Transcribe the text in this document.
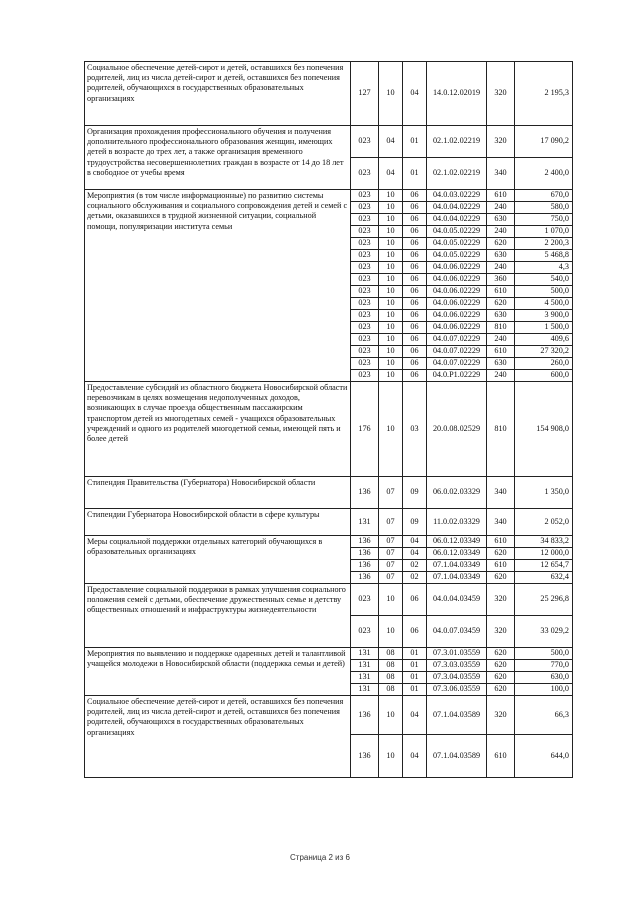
Социальное обеспечение детей-сирот и детей, оставшихся без попечения родителей, лиц из числа детей-сирот и детей, оставшихся без попечения родителей, обучающихся в государственных образовательных организациях	127	10	04	14.0.12.02019	320	2 195,3
Организация прохождения профессионального обучения и получения дополнительного профессионального образования женщин, имеющих детей в возрасте до трех лет, а также организация временного трудоустройства несовершеннолетних граждан в возрасте от 14 до 18 лет в свободное от учебы время	023	04	01	02.1.02.02219	320	17 090,2
	023	04	01	02.1.02.02219	340	2 400,0
Мероприятия (в том числе информационные) по развитию системы социального обслуживания и социального сопровождения детей и семей с детьми, оказавшихся в трудной жизненной ситуации, социальной помощи, популяризации института семьи	023	10	06	04.0.03.02229	610	670,0
	023	10	06	04.0.04.02229	240	580,0
	023	10	06	04.0.04.02229	630	750,0
	023	10	06	04.0.05.02229	240	1 070,0
	023	10	06	04.0.05.02229	620	2 200,3
	023	10	06	04.0.05.02229	630	5 468,8
	023	10	06	04.0.06.02229	240	4,3
	023	10	06	04.0.06.02229	360	540,0
	023	10	06	04.0.06.02229	610	500,0
	023	10	06	04.0.06.02229	620	4 500,0
	023	10	06	04.0.06.02229	630	3 900,0
	023	10	06	04.0.06.02229	810	1 500,0
	023	10	06	04.0.07.02229	240	409,6
	023	10	06	04.0.07.02229	610	27 320,2
	023	10	06	04.0.07.02229	630	260,0
	023	10	06	04.0.P1.02229	240	600,0
Предоставление субсидий из областного бюджета Новосибирской области перевозчикам в целях возмещения недополученных доходов, возникающих в случае проезда общественным пассажирским транспортом детей из многодетных семей - учащихся образовательных учреждений и одного из родителей многодетной семьи, имеющей пять и более детей	176	10	03	20.0.08.02529	810	154 908,0
Стипендия Правительства (Губернатора) Новосибирской области	136	07	09	06.0.02.03329	340	1 350,0
Стипендии Губернатора Новосибирской области в сфере культуры	131	07	09	11.0.02.03329	340	2 052,0
Меры социальной поддержки отдельных категорий обучающихся в образовательных организациях	136	07	04	06.0.12.03349	610	34 833,2
	136	07	04	06.0.12.03349	620	12 000,0
	136	07	02	07.1.04.03349	610	12 654,7
	136	07	02	07.1.04.03349	620	632,4
Предоставление социальной поддержки в рамках улучшения социального положения семей с детьми, обеспечение дружественных семье и детству общественных отношений и инфраструктуры жизнедеятельности	023	10	06	04.0.04.03459	320	25 296,8
	023	10	06	04.0.07.03459	320	33 029,2
Мероприятия по выявлению и поддержке одаренных детей и талантливой учащейся молодежи в Новосибирской области (поддержка семьи и детей)	131	08	01	07.3.01.03559	620	500,0
	131	08	01	07.3.03.03559	620	770,0
	131	08	01	07.3.04.03559	620	630,0
	131	08	01	07.3.06.03559	620	100,0
Социальное обеспечение детей-сирот и детей, оставшихся без попечения родителей, лиц из числа детей-сирот и детей, оставшихся без попечения родителей, обучающихся в государственных образовательных организациях	136	10	04	07.1.04.03589	320	66,3
	136	10	04	07.1.04.03589	610	644,0
Страница 2 из 6
